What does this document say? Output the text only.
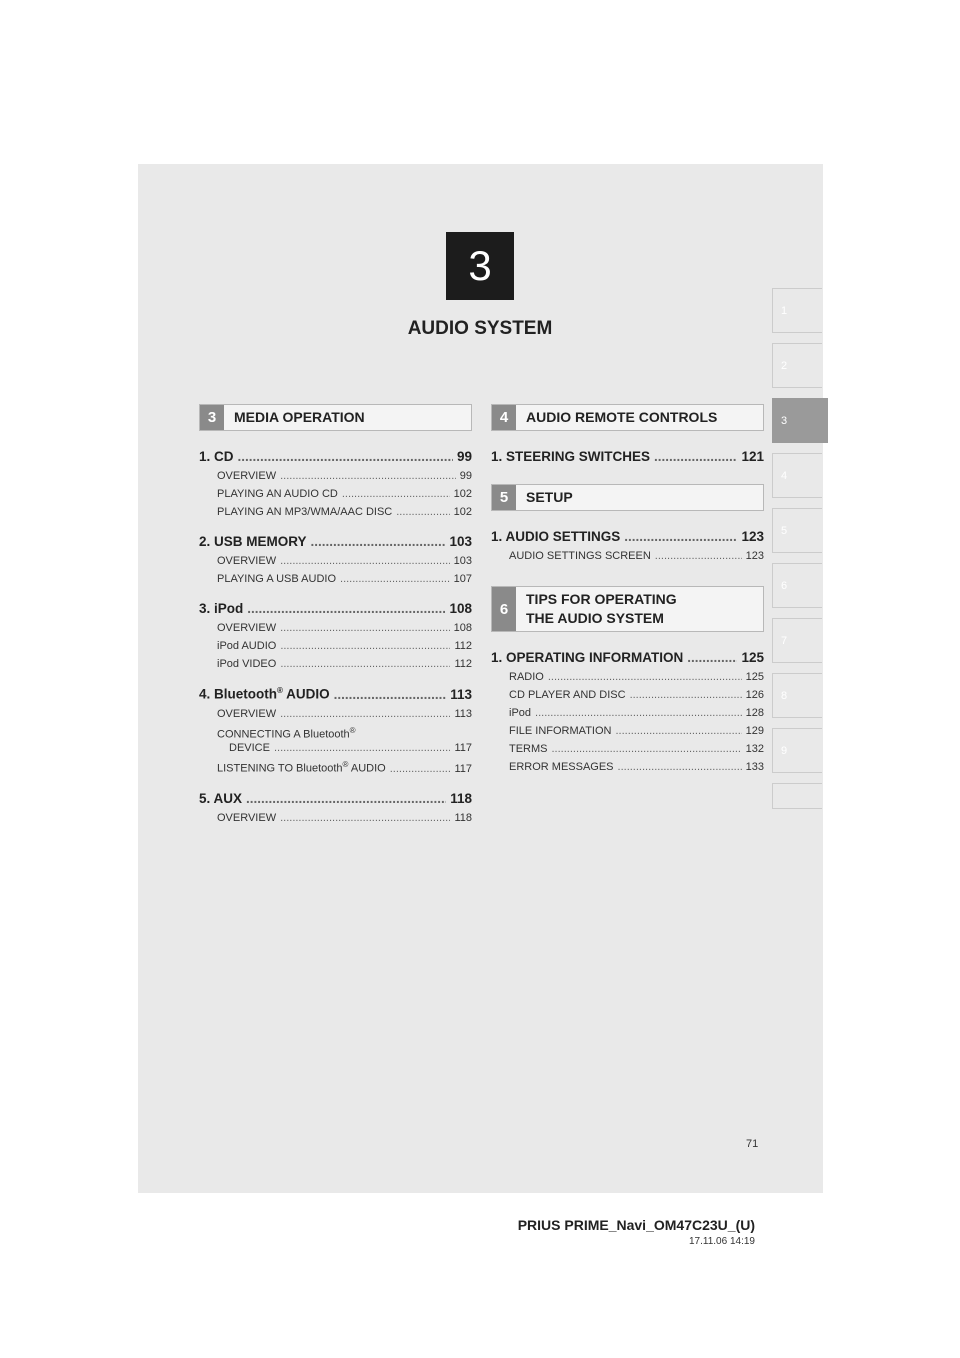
3
AUDIO SYSTEM
1
2
3
4
5
6
7
8
9
3	MEDIA OPERATION
1. CD .....	99
OVERVIEW .....	99
PLAYING AN AUDIO CD .....	102
PLAYING AN MP3/WMA/AAC DISC .....	102
2. USB MEMORY .....	103
OVERVIEW .....	103
PLAYING A USB AUDIO .....	107
3. iPod .....	108
OVERVIEW .....	108
iPod AUDIO .....	112
iPod VIDEO .....	112
4. Bluetooth® AUDIO .....	113
OVERVIEW .....	113
CONNECTING A Bluetooth®
DEVICE .....	117
LISTENING TO Bluetooth® AUDIO .....	117
5. AUX .....	118
OVERVIEW .....	118
4	AUDIO REMOTE CONTROLS
1. STEERING SWITCHES .....	121
5	SETUP
1. AUDIO SETTINGS .....	123
AUDIO SETTINGS SCREEN .....	123
6
TIPS FOR OPERATING THE AUDIO SYSTEM
1. OPERATING INFORMATION .....	125
RADIO .....	125
CD PLAYER AND DISC .....	126
iPod .....	128
FILE INFORMATION .....	129
TERMS .....	132
ERROR MESSAGES .....	133
71
PRIUS PRIME_Navi_OM47C23U_(U)
17.11.06 14:19
